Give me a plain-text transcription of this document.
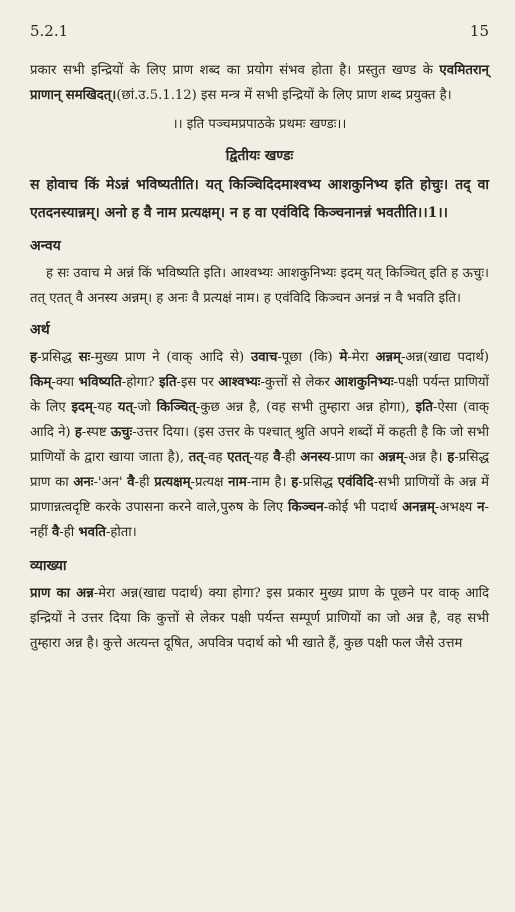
5.2.1	15

प्रकार सभी इन्द्रियों के लिए प्राण शब्द का प्रयोग संभव होता है। प्रस्तुत खण्ड के एवमितरान् प्राणान् समखिदत्।(छां.उ.5.1.12) इस मन्त्र में सभी इन्द्रियों के लिए प्राण शब्द प्रयुक्त है।

।। इति पञ्चमप्रपाठके प्रथमः खण्डः।।

द्वितीयः खण्डः

स होवाच किं मेऽन्नं भविष्यतीति। यत् किञ्चिदिदमाश्वभ्य आशकुनिभ्य इति होचुः। तद् वा एतदनस्यान्नम्। अनो ह वै नाम प्रत्यक्षम्। न ह वा एवंविदि किञ्चनानन्नं भवतीति।।1।।

अन्वय

ह सः उवाच मे अन्नं किं भविष्यति इति। आश्वभ्यः आशकुनिभ्यः इदम् यत् किञ्चित् इति ह ऊचुः। तत् एतत् वै अनस्य अन्नम्। ह अनः वै प्रत्यक्षं नाम। ह एवंविदि किञ्चन अनन्नं न वै भवति इति।

अर्थ

ह-प्रसिद्ध सः-मुख्य प्राण ने (वाक् आदि से) उवाच-पूछा (कि) मे-मेरा अन्नम्-अन्न(खाद्य पदार्थ) किम्-क्या भविष्यति-होगा? इति-इस पर आश्वभ्यः-कुत्तों से लेकर आशकुनिभ्यः-पक्षी पर्यन्त प्राणियों के लिए इदम्-यह यत्-जो किञ्चित्-कुछ अन्न है, (वह सभी तुम्हारा अन्न होगा), इति-ऐसा (वाक् आदि ने) ह-स्पष्ट ऊचुः-उत्तर दिया। (इस उत्तर के पश्चात् श्रुति अपने शब्दों में कहती है कि जो सभी प्राणियों के द्वारा खाया जाता है), तत्-वह एतत्-यह वै-ही अनस्य-प्राण का अन्नम्-अन्न है। ह-प्रसिद्ध प्राण का अनः-'अन' वै-ही प्रत्यक्षम्-प्रत्यक्ष नाम-नाम है। ह-प्रसिद्ध एवंविदि-सभी प्राणियों के अन्न में प्राणान्नत्वदृष्टि करके उपासना करने वाले,पुरुष के लिए किञ्चन-कोई भी पदार्थ अनन्नम्-अभक्ष्य न-नहीं वै-ही भवति-होता।

व्याख्या

प्राण का अन्न-मेरा अन्न(खाद्य पदार्थ) क्या होगा? इस प्रकार मुख्य प्राण के पूछने पर वाक् आदि इन्द्रियों ने उत्तर दिया कि कुत्तों से लेकर पक्षी पर्यन्त सम्पूर्ण प्राणियों का जो अन्न है, वह सभी तुम्हारा अन्न है। कुत्ते अत्यन्त दूषित, अपवित्र पदार्थ को भी खाते हैं, कुछ पक्षी फल जैसे उत्तम
